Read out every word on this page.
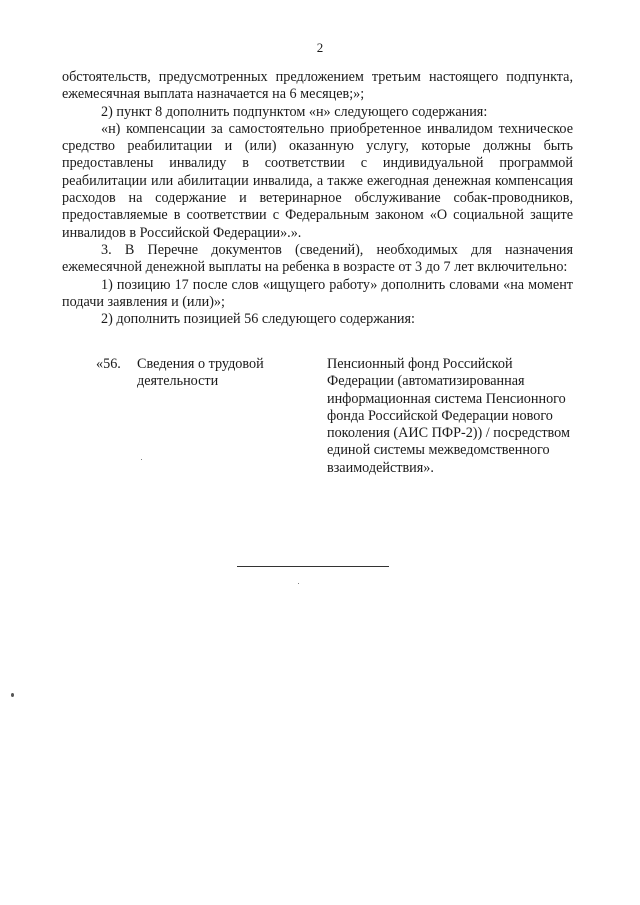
2

обстоятельств, предусмотренных предложением третьим настоящего подпункта, ежемесячная выплата назначается на 6 месяцев;»;

2) пункт 8 дополнить подпунктом «н» следующего содержания:

«н) компенсации за самостоятельно приобретенное инвалидом техническое средство реабилитации и (или) оказанную услугу, которые должны быть предоставлены инвалиду в соответствии с индивидуальной программой реабилитации или абилитации инвалида, а также ежегодная денежная компенсация расходов на содержание и ветеринарное обслуживание собак-проводников, предоставляемые в соответствии с Федеральным законом «О социальной защите инвалидов в Российской Федерации».».

3. В Перечне документов (сведений), необходимых для назначения ежемесячной денежной выплаты на ребенка в возрасте от 3 до 7 лет включительно:

1) позицию 17 после слов «ищущего работу» дополнить словами «на момент подачи заявления и (или)»;

2) дополнить позицией 56 следующего содержания:

«56. Сведения о трудовой деятельности
Пенсионный фонд Российской Федерации (автоматизированная информационная система Пенсионного фонда Российской Федерации нового поколения (АИС ПФР-2)) / посредством единой системы межведомственного взаимодействия».
